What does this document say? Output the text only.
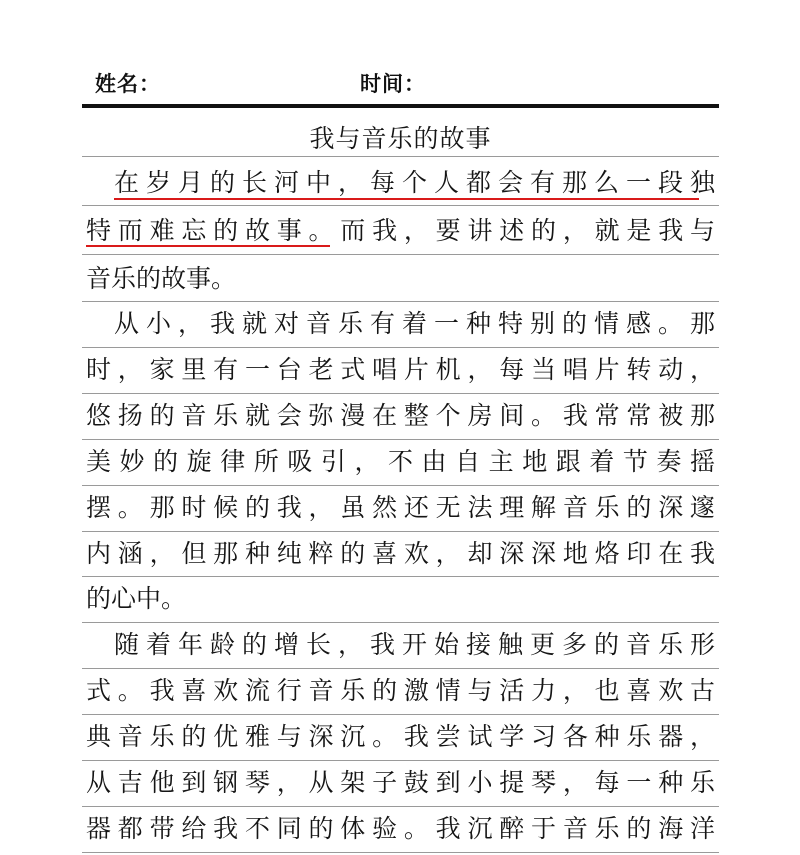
姓名：	时间：
我与音乐的故事
在岁月的长河中，每个人都会有那么一段独
特而难忘的故事。而我，要讲述的，就是我与
音乐的故事。
从小，我就对音乐有着一种特别的情感。那
时，家里有一台老式唱片机，每当唱片转动，
悠扬的音乐就会弥漫在整个房间。我常常被那
美妙的旋律所吸引，不由自主地跟着节奏摇
摆。那时候的我，虽然还无法理解音乐的深邃
内涵，但那种纯粹的喜欢，却深深地烙印在我
的心中。
随着年龄的增长，我开始接触更多的音乐形
式。我喜欢流行音乐的激情与活力，也喜欢古
典音乐的优雅与深沉。我尝试学习各种乐器，
从吉他到钢琴，从架子鼓到小提琴，每一种乐
器都带给我不同的体验。我沉醉于音乐的海洋
